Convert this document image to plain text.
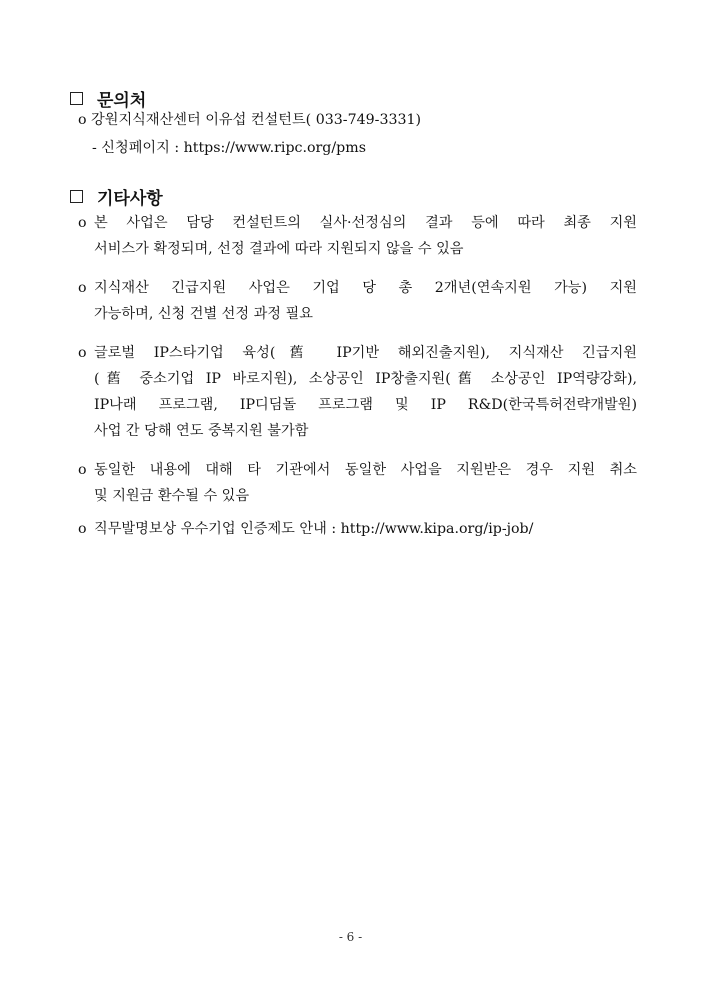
문의처
o 강원지식재산센터 이유섭 컨설턴트( 033-749-3331)
- 신청페이지 : https://www.ripc.org/pms
기타사항
o 본 사업은 담당 컨설턴트의 실사·선정심의 결과 등에 따라 최종 지원
서비스가 확정되며, 선정 결과에 따라 지원되지 않을 수 있음
o 지식재산 긴급지원 사업은 기업 당 총 2개년(연속지원 가능) 지원
가능하며, 신청 건별 선정 과정 필요
o 글로벌 IP스타기업 육성(舊 IP기반 해외진출지원), 지식재산 긴급지원
(舊 중소기업 IP 바로지원), 소상공인 IP창출지원(舊 소상공인 IP역량강화),
IP나래 프로그램, IP디딤돌 프로그램 및 IP R&D(한국특허전략개발원)
사업 간 당해 연도 중복지원 불가함
o 동일한 내용에 대해 타 기관에서 동일한 사업을 지원받은 경우 지원 취소
및 지원금 환수될 수 있음
o 직무발명보상 우수기업 인증제도 안내 : http://www.kipa.org/ip-job/
- 6 -
